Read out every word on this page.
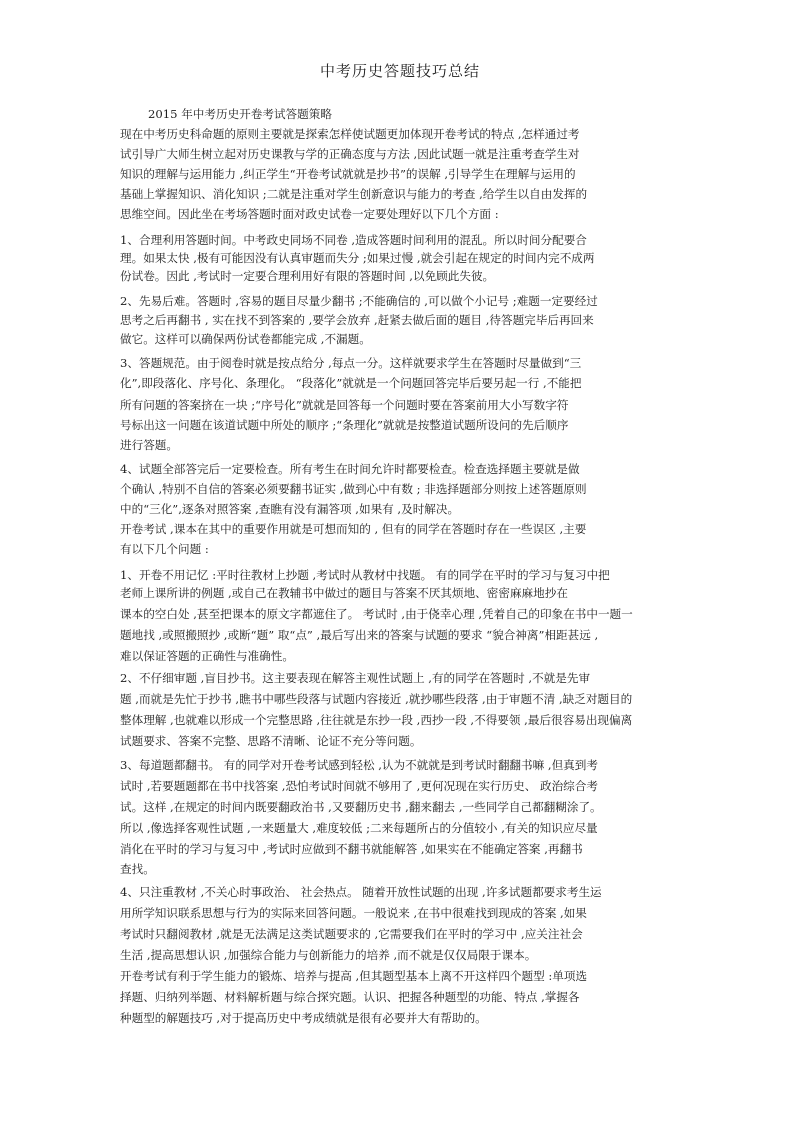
中考历史答题技巧总结
2015 年中考历史开卷考试答题策略
现在中考历史科命题的原则主要就是探索怎样使试题更加体现开卷考试的特点 ,怎样通过考
试引导广大师生树立起对历史课教与学的正确态度与方法 ,因此试题一就是注重考查学生对
知识的理解与运用能力 ,纠正学生“开卷考试就就是抄书”的误解 ,引导学生在理解与运用的
基础上掌握知识、消化知识 ;二就是注重对学生创新意识与能力的考查 ,给学生以自由发挥的
思维空间。因此坐在考场答题时面对政史试卷一定要处理好以下几个方面 :
1、合理利用答题时间。中考政史同场不同卷 ,造成答题时间利用的混乱。所以时间分配要合
理。如果太快 ,极有可能因没有认真审题而失分 ;如果过慢 ,就会引起在规定的时间内完不成两
份试卷。因此 ,考试时一定要合理利用好有限的答题时间 ,以免顾此失彼。
2、先易后难。答题时 ,容易的题目尽量少翻书 ;不能确信的 ,可以做个小记号 ;难题一定要经过
思考之后再翻书 , 实在找不到答案的 ,要学会放弃 ,赶紧去做后面的题目 ,待答题完毕后再回来
做它。这样可以确保两份试卷都能完成 ,不漏题。
3、答题规范。由于阅卷时就是按点给分 ,每点一分。这样就要求学生在答题时尽量做到“三
化”,即段落化、序号化、条理化。 “段落化”就就是一个问题回答完毕后要另起一行 ,不能把
所有问题的答案挤在一块 ;“序号化”就就是回答每一个问题时要在答案前用大小写数字符
号标出这一问题在该道试题中所处的顺序 ;“条理化”就就是按整道试题所设问的先后顺序
进行答题。
4、试题全部答完后一定要检查。所有考生在时间允许时都要检查。检查选择题主要就是做
个确认 ,特别不自信的答案必须要翻书证实 ,做到心中有数 ; 非选择题部分则按上述答题原则
中的“三化”,逐条对照答案 ,查瞧有没有漏答项 ,如果有 ,及时解决。
开卷考试 ,课本在其中的重要作用就是可想而知的 , 但有的同学在答题时存在一些误区 ,主要
有以下几个问题 :
1、开卷不用记忆 :平时往教材上抄题 ,考试时从教材中找题。 有的同学在平时的学习与复习中把
老师上课所讲的例题 ,或自己在教辅书中做过的题目与答案不厌其烦地、密密麻麻地抄在
课本的空白处 ,甚至把课本的原文字都遮住了。 考试时 ,由于侥幸心理 ,凭着自己的印象在书中一题一
题地找 ,或照搬照抄 ,或断“题” 取“点” ,最后写出来的答案与试题的要求 “貌合神离”相距甚远 ,
难以保证答题的正确性与准确性。
2、不仔细审题 ,盲目抄书。这主要表现在解答主观性试题上 ,有的同学在答题时 ,不就是先审
题 ,而就是先忙于抄书 ,瞧书中哪些段落与试题内容接近 ,就抄哪些段落 ,由于审题不清 ,缺乏对题目的
整体理解 ,也就难以形成一个完整思路 ,往往就是东抄一段 ,西抄一段 ,不得要领 ,最后很容易出现偏离
试题要求、答案不完整、思路不清晰、论证不充分等问题。
3、每道题都翻书。 有的同学对开卷考试感到轻松 ,认为不就就是到考试时翻翻书嘛 ,但真到考
试时 ,若要题题都在书中找答案 ,恐怕考试时间就不够用了 ,更何况现在实行历史、 政治综合考
试。这样 ,在规定的时间内既要翻政治书 ,又要翻历史书 ,翻来翻去 ,一些同学自己都翻糊涂了。
所以 ,像选择客观性试题 ,一来题量大 ,难度较低 ;二来每题所占的分值较小 ,有关的知识应尽量
消化在平时的学习与复习中 ,考试时应做到不翻书就能解答 ,如果实在不能确定答案 ,再翻书
查找。
4、只注重教材 ,不关心时事政治、 社会热点。 随着开放性试题的出现 ,许多试题都要求考生运
用所学知识联系思想与行为的实际来回答问题。一般说来 ,在书中很难找到现成的答案 ,如果
考试时只翻阅教材 ,就是无法满足这类试题要求的 ,它需要我们在平时的学习中 ,应关注社会
生活 ,提高思想认识 ,加强综合能力与创新能力的培养 ,而不就是仅仅局限于课本。
开卷考试有利于学生能力的锻炼、培养与提高 ,但其题型基本上离不开这样四个题型 :单项选
择题、归纳列举题、材料解析题与综合探究题。认识、把握各种题型的功能、特点 ,掌握各
种题型的解题技巧 ,对于提高历史中考成绩就是很有必要并大有帮助的。
